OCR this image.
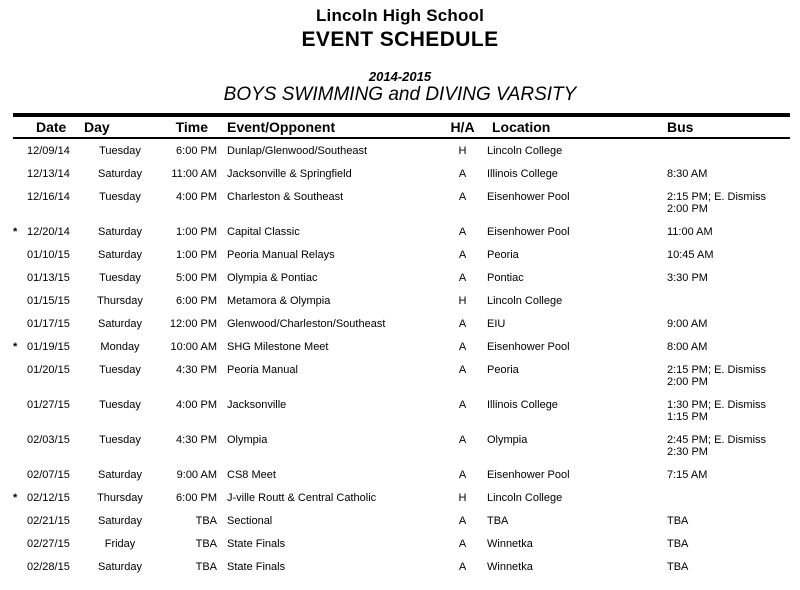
Lincoln High School
EVENT SCHEDULE
2014-2015
BOYS SWIMMING and DIVING VARSITY
	Date	Day	Time	Event/Opponent	H/A	Location	Bus
	12/09/14	Tuesday	6:00 PM	Dunlap/Glenwood/Southeast	H	Lincoln College	
	12/13/14	Saturday	11:00 AM	Jacksonville & Springfield	A	Illinois College	8:30 AM
	12/16/14	Tuesday	4:00 PM	Charleston & Southeast	A	Eisenhower Pool	2:15 PM; E. Dismiss 2:00 PM
*	12/20/14	Saturday	1:00 PM	Capital Classic	A	Eisenhower Pool	11:00 AM
	01/10/15	Saturday	1:00 PM	Peoria Manual Relays	A	Peoria	10:45 AM
	01/13/15	Tuesday	5:00 PM	Olympia & Pontiac	A	Pontiac	3:30 PM
	01/15/15	Thursday	6:00 PM	Metamora & Olympia	H	Lincoln College	
	01/17/15	Saturday	12:00 PM	Glenwood/Charleston/Southeast	A	EIU	9:00 AM
*	01/19/15	Monday	10:00 AM	SHG Milestone Meet	A	Eisenhower Pool	8:00 AM
	01/20/15	Tuesday	4:30 PM	Peoria Manual	A	Peoria	2:15 PM; E. Dismiss 2:00 PM
	01/27/15	Tuesday	4:00 PM	Jacksonville	A	Illinois College	1:30 PM; E. Dismiss 1:15 PM
	02/03/15	Tuesday	4:30 PM	Olympia	A	Olympia	2:45 PM; E. Dismiss 2:30 PM
	02/07/15	Saturday	9:00 AM	CS8 Meet	A	Eisenhower Pool	7:15 AM
*	02/12/15	Thursday	6:00 PM	J-ville Routt & Central Catholic	H	Lincoln College	
	02/21/15	Saturday	TBA	Sectional	A	TBA	TBA
	02/27/15	Friday	TBA	State Finals	A	Winnetka	TBA
	02/28/15	Saturday	TBA	State Finals	A	Winnetka	TBA
